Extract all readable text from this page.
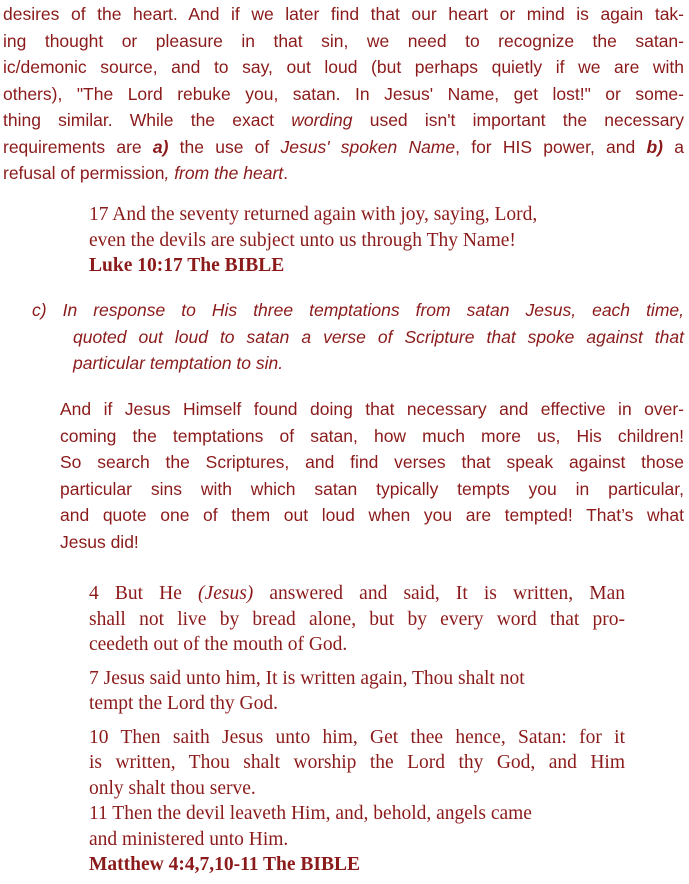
desires of the heart. And if we later find that our heart or mind is again tak-
ing thought or pleasure in that sin, we need to recognize the satan-
ic/demonic source, and to say, out loud (but perhaps quietly if we are with
others), "The Lord rebuke you, satan. In Jesus' Name, get lost!" or some-
thing similar. While the exact wording used isn't important the necessary
requirements are a) the use of Jesus' spoken Name, for HIS power, and b) a
refusal of permission, from the heart.
17 And the seventy returned again with joy, saying, Lord,
even the devils are subject unto us through Thy Name!
Luke 10:17 The BIBLE
c) In response to His three temptations from satan Jesus, each time,
quoted out loud to satan a verse of Scripture that spoke against that
particular temptation to sin.
And if Jesus Himself found doing that necessary and effective in over-
coming the temptations of satan, how much more us, His children!
So search the Scriptures, and find verses that speak against those
particular sins with which satan typically tempts you in particular,
and quote one of them out loud when you are tempted! That’s what
Jesus did!
4 But He (Jesus) answered and said, It is written, Man
shall not live by bread alone, but by every word that pro-
ceedeth out of the mouth of God.
7 Jesus said unto him, It is written again, Thou shalt not
tempt the Lord thy God.
10 Then saith Jesus unto him, Get thee hence, Satan: for it
is written, Thou shalt worship the Lord thy God, and Him
only shalt thou serve.
11 Then the devil leaveth Him, and, behold, angels came
and ministered unto Him.
Matthew 4:4,7,10-11 The BIBLE
